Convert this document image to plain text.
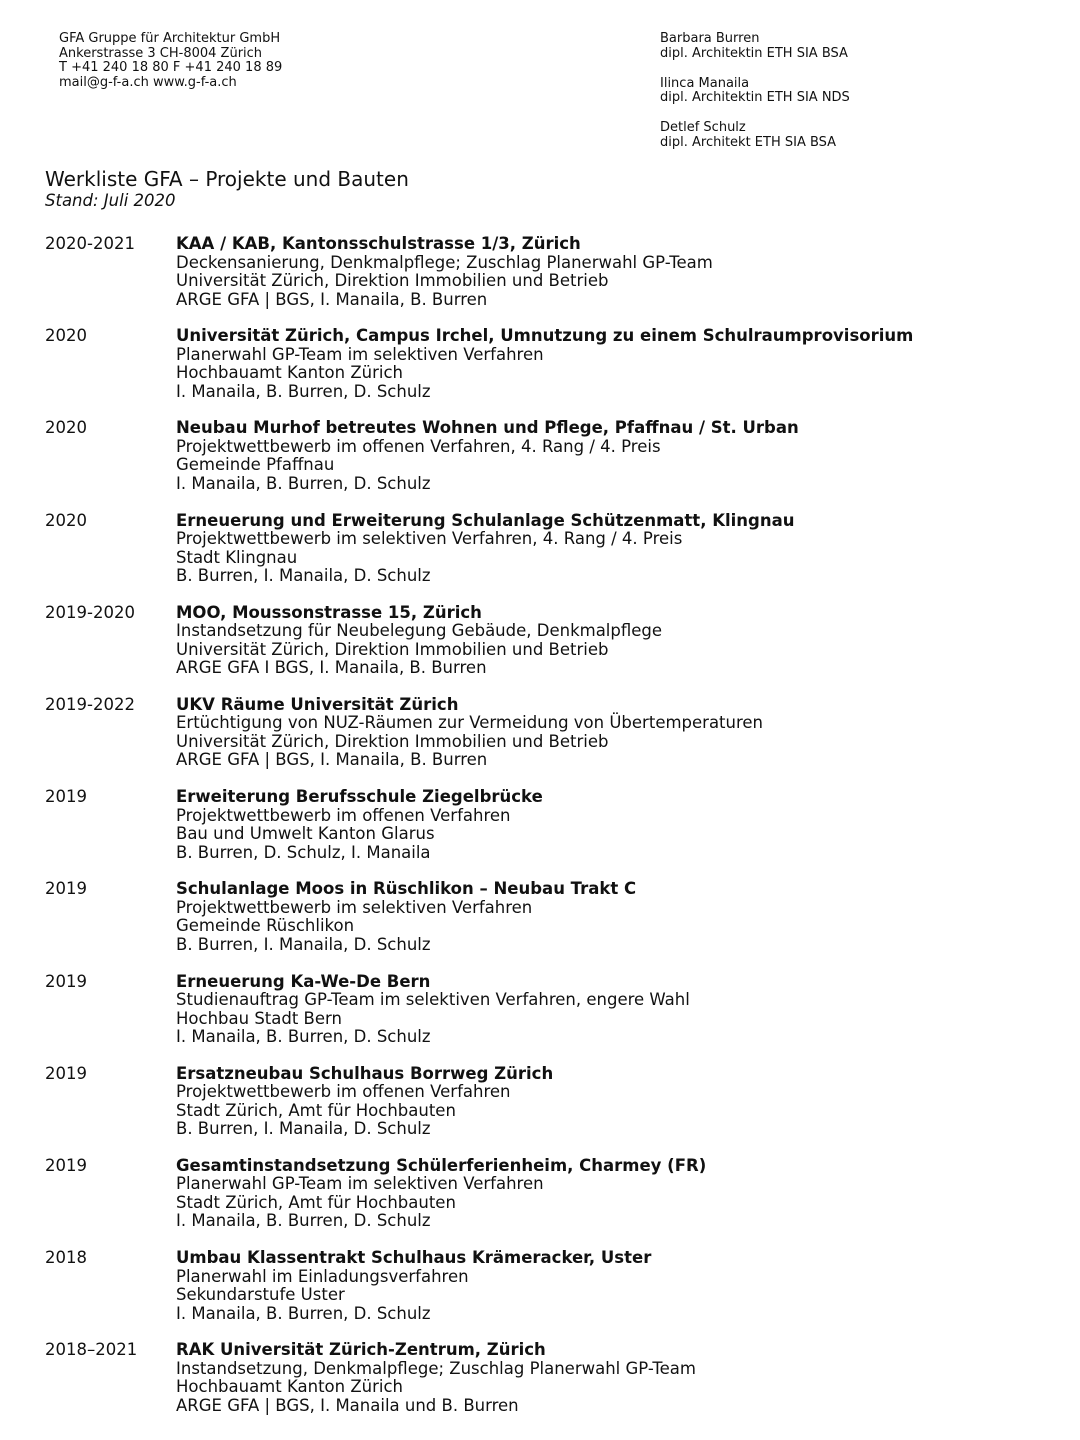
GFA Gruppe für Architektur GmbH
Ankerstrasse 3 CH-8004 Zürich
T +41 240 18 80 F +41 240 18 89
mail@g-f-a.ch www.g-f-a.ch
Barbara Burren
dipl. Architektin ETH SIA BSA
Ilinca Manaila
dipl. Architektin ETH SIA NDS
Detlef Schulz
dipl. Architekt ETH SIA BSA
Werkliste GFA – Projekte und Bauten
Stand: Juli 2020
2020-2021 KAA / KAB, Kantonsschulstrasse 1/3, Zürich
Deckensanierung, Denkmalpflege; Zuschlag Planerwahl GP-Team
Universität Zürich, Direktion Immobilien und Betrieb
ARGE GFA | BGS, I. Manaila, B. Burren
2020	Universität Zürich, Campus Irchel, Umnutzung zu einem Schulraumprovisorium
Planerwahl GP-Team im selektiven Verfahren
Hochbauamt Kanton Zürich
I. Manaila, B. Burren, D. Schulz
2020	Neubau Murhof betreutes Wohnen und Pflege, Pfaffnau / St. Urban
Projektwettbewerb im offenen Verfahren, 4. Rang / 4. Preis
Gemeinde Pfaffnau
I. Manaila, B. Burren, D. Schulz
2020	Erneuerung und Erweiterung Schulanlage Schützenmatt, Klingnau
Projektwettbewerb im selektiven Verfahren, 4. Rang / 4. Preis
Stadt Klingnau
B. Burren, I. Manaila, D. Schulz
2019-2020 MOO, Moussonstrasse 15, Zürich
Instandsetzung für Neubelegung Gebäude, Denkmalpflege
Universität Zürich, Direktion Immobilien und Betrieb
ARGE GFA I BGS, I. Manaila, B. Burren
2019-2022 UKV Räume Universität Zürich
Ertüchtigung von NUZ-Räumen zur Vermeidung von Übertemperaturen
Universität Zürich, Direktion Immobilien und Betrieb
ARGE GFA | BGS, I. Manaila, B. Burren
2019	Erweiterung Berufsschule Ziegelbrücke
Projektwettbewerb im offenen Verfahren
Bau und Umwelt Kanton Glarus
B. Burren, D. Schulz, I. Manaila
2019	Schulanlage Moos in Rüschlikon – Neubau Trakt C
Projektwettbewerb im selektiven Verfahren
Gemeinde Rüschlikon
B. Burren, I. Manaila, D. Schulz
2019	Erneuerung Ka-We-De Bern
Studienauftrag GP-Team im selektiven Verfahren, engere Wahl
Hochbau Stadt Bern
I. Manaila, B. Burren, D. Schulz
2019	Ersatzneubau Schulhaus Borrweg Zürich
Projektwettbewerb im offenen Verfahren
Stadt Zürich, Amt für Hochbauten
B. Burren, I. Manaila, D. Schulz
2019	Gesamtinstandsetzung Schülerferienheim, Charmey (FR)
Planerwahl GP-Team im selektiven Verfahren
Stadt Zürich, Amt für Hochbauten
I. Manaila, B. Burren, D. Schulz
2018	Umbau Klassentrakt Schulhaus Krämeracker, Uster
Planerwahl im Einladungsverfahren
Sekundarstufe Uster
I. Manaila, B. Burren, D. Schulz
2018–2021 RAK Universität Zürich-Zentrum, Zürich
Instandsetzung, Denkmalpflege; Zuschlag Planerwahl GP-Team
Hochbauamt Kanton Zürich
ARGE GFA | BGS, I. Manaila und B. Burren
